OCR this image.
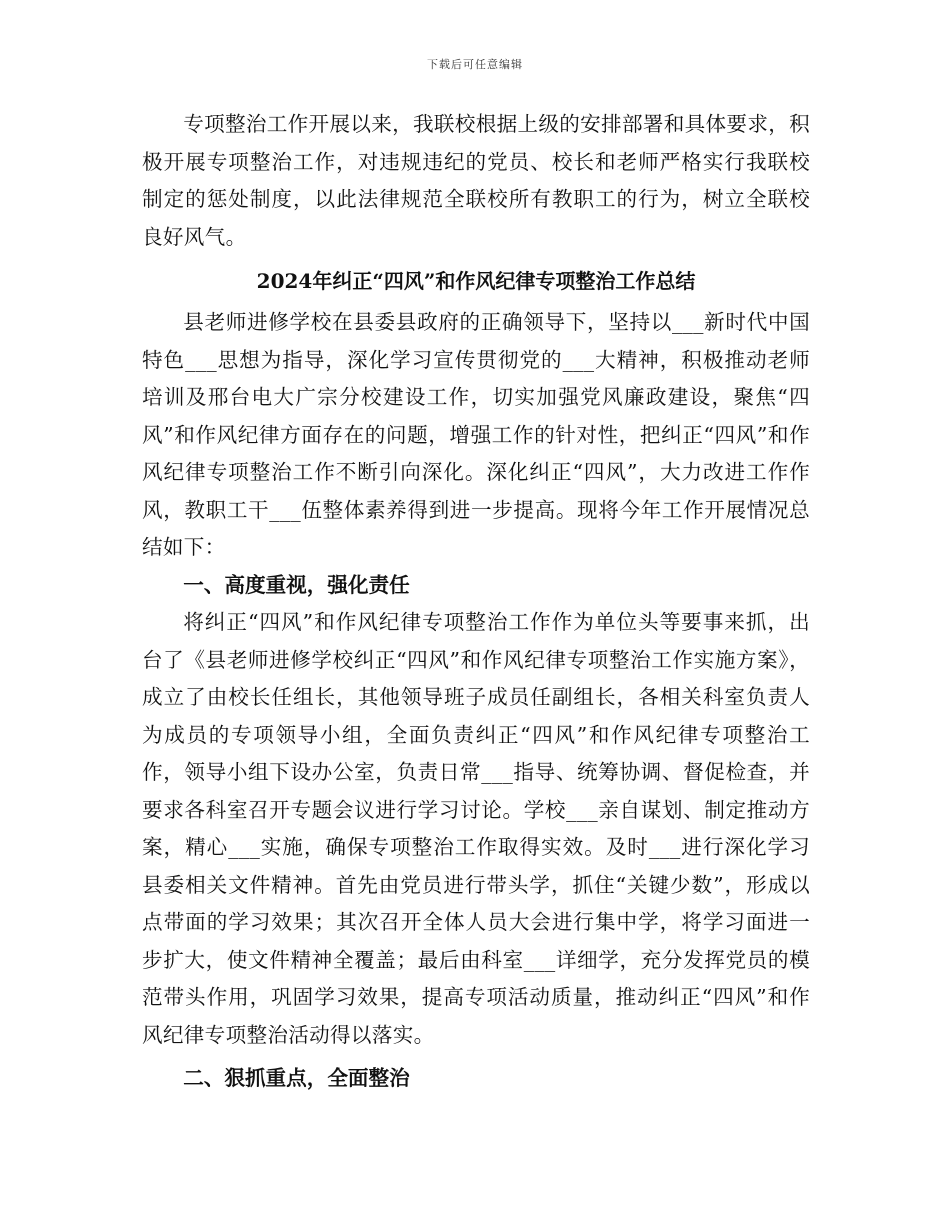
下载后可任意编辑

专项整治工作开展以来，我联校根据上级的安排部署和具体要求，积极开展专项整治工作，对违规违纪的党员、校长和老师严格实行我联校制定的惩处制度，以此法律规范全联校所有教职工的行为，树立全联校良好风气。

2024年纠正“四风”和作风纪律专项整治工作总结

县老师进修学校在县委县政府的正确领导下，坚持以___新时代中国特色___思想为指导，深化学习宣传贯彻党的___大精神，积极推动老师培训及邢台电大广宗分校建设工作，切实加强党风廉政建设，聚焦“四风”和作风纪律方面存在的问题，增强工作的针对性，把纠正“四风”和作风纪律专项整治工作不断引向深化。深化纠正“四风”，大力改进工作作风，教职工干___伍整体素养得到进一步提高。现将今年工作开展情况总结如下：

一、高度重视，强化责任

将纠正“四风”和作风纪律专项整治工作作为单位头等要事来抓，出台了《县老师进修学校纠正“四风”和作风纪律专项整治工作实施方案》，成立了由校长任组长，其他领导班子成员任副组长，各相关科室负责人为成员的专项领导小组，全面负责纠正“四风”和作风纪律专项整治工作，领导小组下设办公室，负责日常___指导、统筹协调、督促检查，并要求各科室召开专题会议进行学习讨论。学校___亲自谋划、制定推动方案，精心___实施，确保专项整治工作取得实效。及时___进行深化学习县委相关文件精神。首先由党员进行带头学，抓住“关键少数”，形成以点带面的学习效果；其次召开全体人员大会进行集中学，将学习面进一步扩大，使文件精神全覆盖；最后由科室___详细学，充分发挥党员的模范带头作用，巩固学习效果，提高专项活动质量，推动纠正“四风”和作风纪律专项整治活动得以落实。

二、狠抓重点，全面整治
